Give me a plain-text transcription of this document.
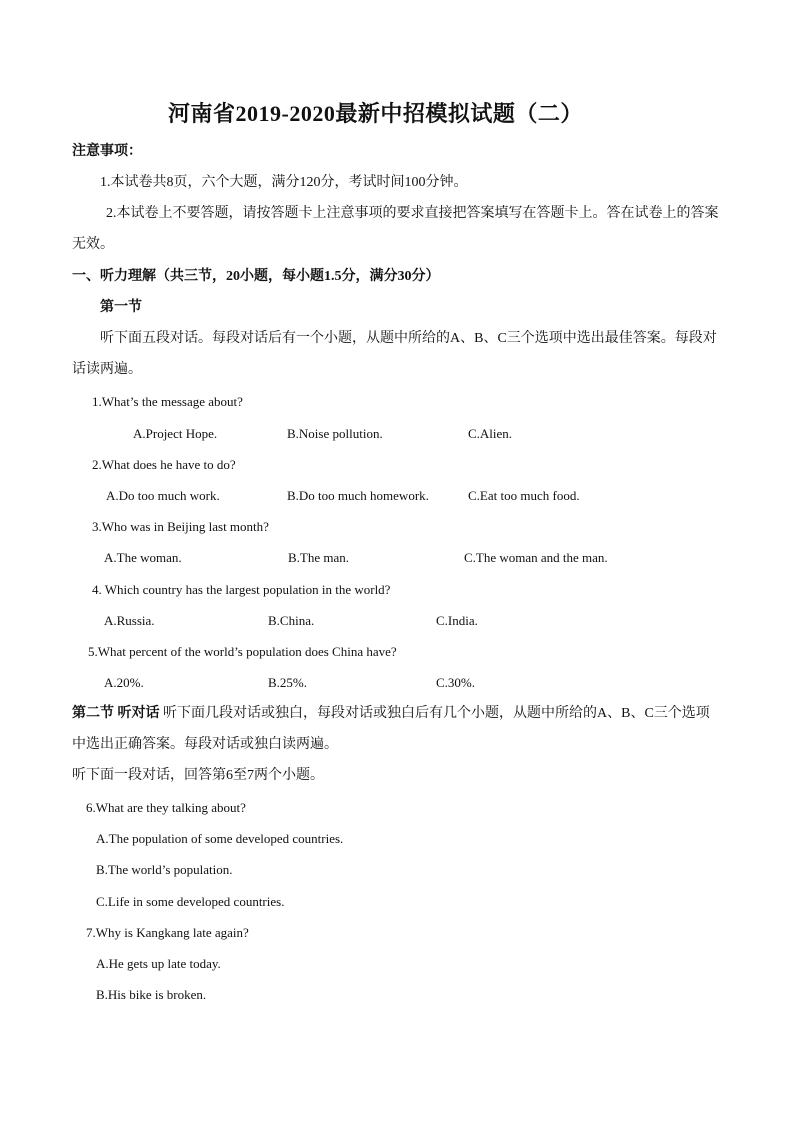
河南省2019-2020最新中招模拟试题（二）
注意事项：
1.本试卷共8页，六个大题，满分120分，考试时间100分钟。
2.本试卷上不要答题，请按答题卡上注意事项的要求直接把答案填写在答题卡上。答在试卷上的答案
无效。
一、听力理解（共三节，20小题，每小题1.5分，满分30分）
第一节
听下面五段对话。每段对话后有一个小题，从题中所给的A、B、C三个选项中选出最佳答案。每段对
话读两遍。
1.What’s the message about?
A.Project Hope.	B.Noise pollution.	C.Alien.
2.What does he have to do?
A.Do too much work.	B.Do too much homework.	C.Eat too much food.
3.Who was in Beijing last month?
A.The woman.	B.The man.	C.The woman and the man.
4. Which country has the largest population in the world?
A.Russia.	B.China.	C.India.
5.What percent of the world’s population does China have?
A.20%.	B.25%.	C.30%.
第二节 听对话 听下面几段对话或独白，每段对话或独白后有几个小题，从题中所给的A、B、C三个选项
中选出正确答案。每段对话或独白读两遍。
听下面一段对话，回答第6至7两个小题。
6.What are they talking about?
A.The population of some developed countries.
B.The world’s population.
C.Life in some developed countries.
7.Why is Kangkang late again?
A.He gets up late today.
B.His bike is broken.
